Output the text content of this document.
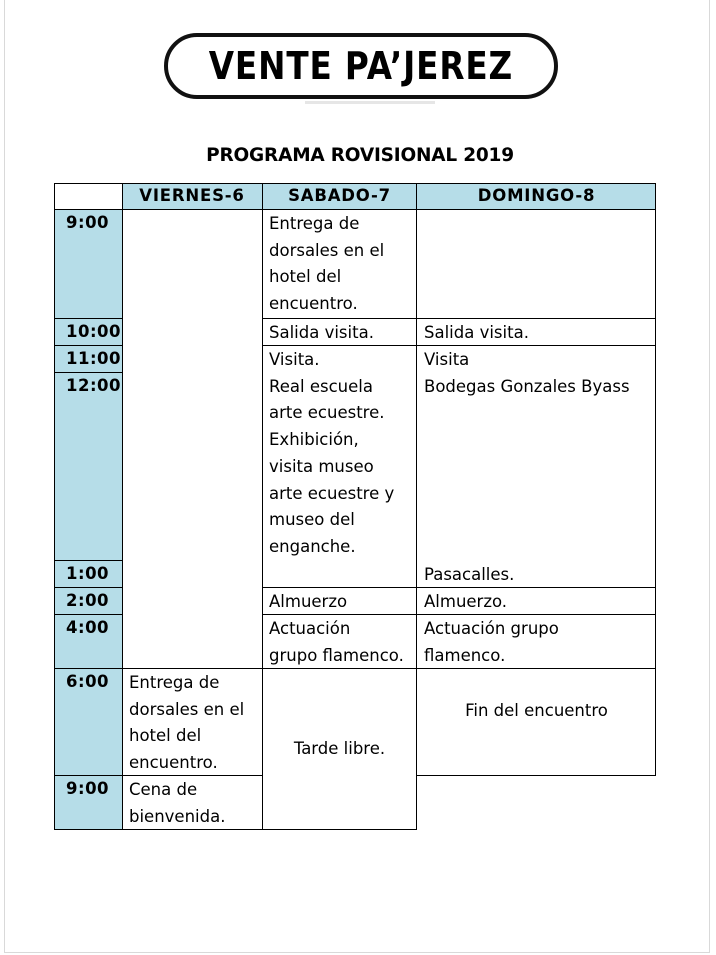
VENTE PA’JEREZ
PROGRAMA ROVISIONAL 2019
VIERNES-6	SABADO-7	DOMINGO-8
9:00
10:00
11:00
12:00
1:00
2:00
4:00
6:00
9:00
Entrega de
dorsales en el
hotel del
encuentro.
Cena de
bienvenida.
Entrega de
dorsales en el
hotel del
encuentro.
Salida visita.
Visita.
Real escuela
arte ecuestre.
Exhibición,
visita museo
arte ecuestre y
museo del
enganche.
Almuerzo
Actuación
grupo flamenco.
Tarde libre.
Salida visita.
Visita
Bodegas Gonzales Byass
Pasacalles.
Almuerzo.
Actuación grupo
flamenco.
Fin del encuentro
